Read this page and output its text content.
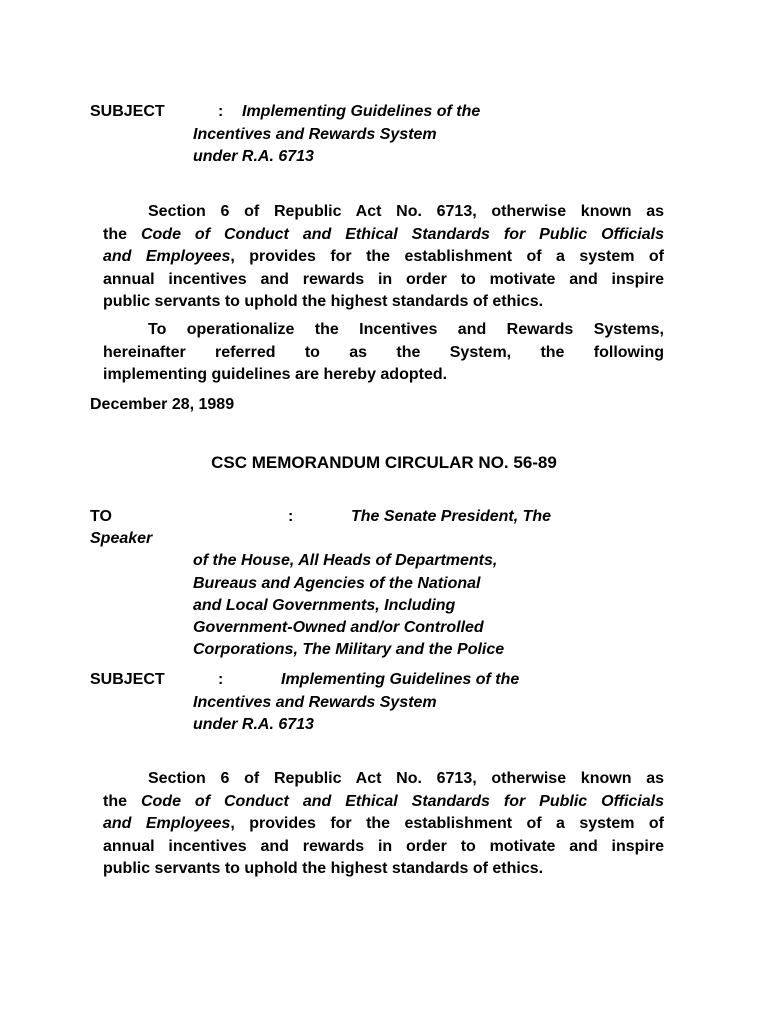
SUBJECT	: Implementing Guidelines of the
Incentives and Rewards System
under R.A. 6713
Section 6 of Republic Act No. 6713, otherwise known as
the Code of Conduct and Ethical Standards for Public Officials
and Employees, provides for the establishment of a system of
annual incentives and rewards in order to motivate and inspire
public servants to uphold the highest standards of ethics.
To operationalize the Incentives and Rewards Systems,
hereinafter referred to as the System, the following
implementing guidelines are hereby adopted.
December 28, 1989
CSC MEMORANDUM CIRCULAR NO. 56-89
TO	:	The Senate President, The
Speaker
of the House, All Heads of Departments,
Bureaus and Agencies of the National
and Local Governments, Including
Government-Owned and/or Controlled
Corporations, The Military and the Police
SUBJECT	:	Implementing Guidelines of the
Incentives and Rewards System
under R.A. 6713
Section 6 of Republic Act No. 6713, otherwise known as
the Code of Conduct and Ethical Standards for Public Officials
and Employees, provides for the establishment of a system of
annual incentives and rewards in order to motivate and inspire
public servants to uphold the highest standards of ethics.
